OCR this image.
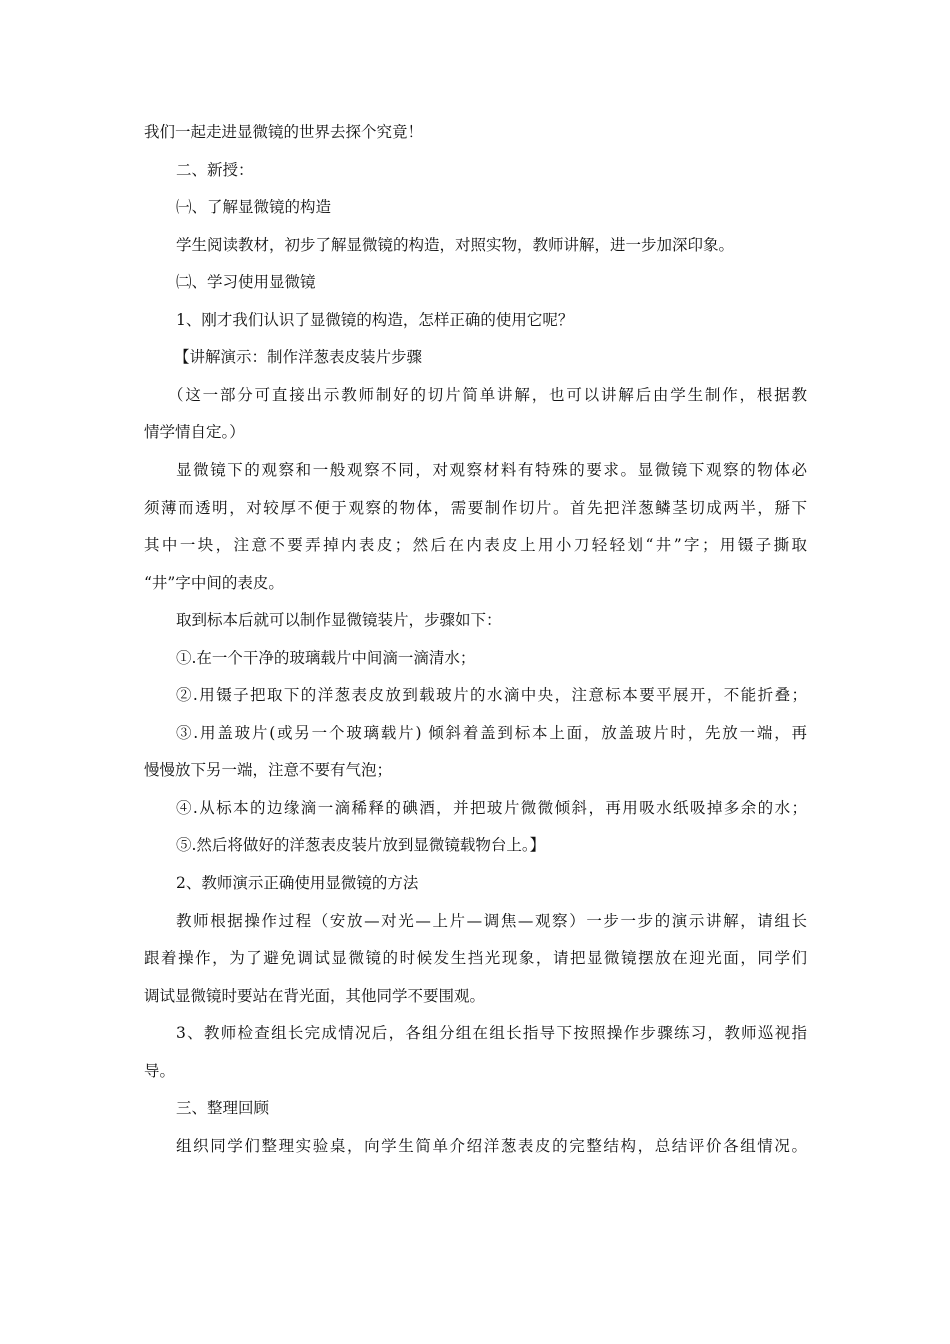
我们一起走进显微镜的世界去探个究竟！
二、新授：
㈠、了解显微镜的构造
学生阅读教材，初步了解显微镜的构造，对照实物，教师讲解，进一步加深印象。
㈡、学习使用显微镜
1、刚才我们认识了显微镜的构造，怎样正确的使用它呢？
【讲解演示：制作洋葱表皮装片步骤
（这一部分可直接出示教师制好的切片简单讲解，也可以讲解后由学生制作，根据教
情学情自定。）
显微镜下的观察和一般观察不同，对观察材料有特殊的要求。显微镜下观察的物体必
须薄而透明，对较厚不便于观察的物体，需要制作切片。首先把洋葱鳞茎切成两半，掰下
其中一块，注意不要弄掉内表皮；然后在内表皮上用小刀轻轻划“井”字；用镊子撕取
“井”字中间的表皮。
取到标本后就可以制作显微镜装片，步骤如下：
①.在一个干净的玻璃载片中间滴一滴清水；
②.用镊子把取下的洋葱表皮放到载玻片的水滴中央，注意标本要平展开，不能折叠；
③.用盖玻片(或另一个玻璃载片) 倾斜着盖到标本上面，放盖玻片时，先放一端，再
慢慢放下另一端，注意不要有气泡；
④.从标本的边缘滴一滴稀释的碘酒，并把玻片微微倾斜，再用吸水纸吸掉多余的水；
⑤.然后将做好的洋葱表皮装片放到显微镜载物台上。】
2、教师演示正确使用显微镜的方法
教师根据操作过程（安放—对光—上片—调焦—观察）一步一步的演示讲解，请组长
跟着操作，为了避免调试显微镜的时候发生挡光现象，请把显微镜摆放在迎光面，同学们
调试显微镜时要站在背光面，其他同学不要围观。
3、教师检查组长完成情况后，各组分组在组长指导下按照操作步骤练习，教师巡视指
导。
三、整理回顾
组织同学们整理实验桌，向学生简单介绍洋葱表皮的完整结构，总结评价各组情况。
